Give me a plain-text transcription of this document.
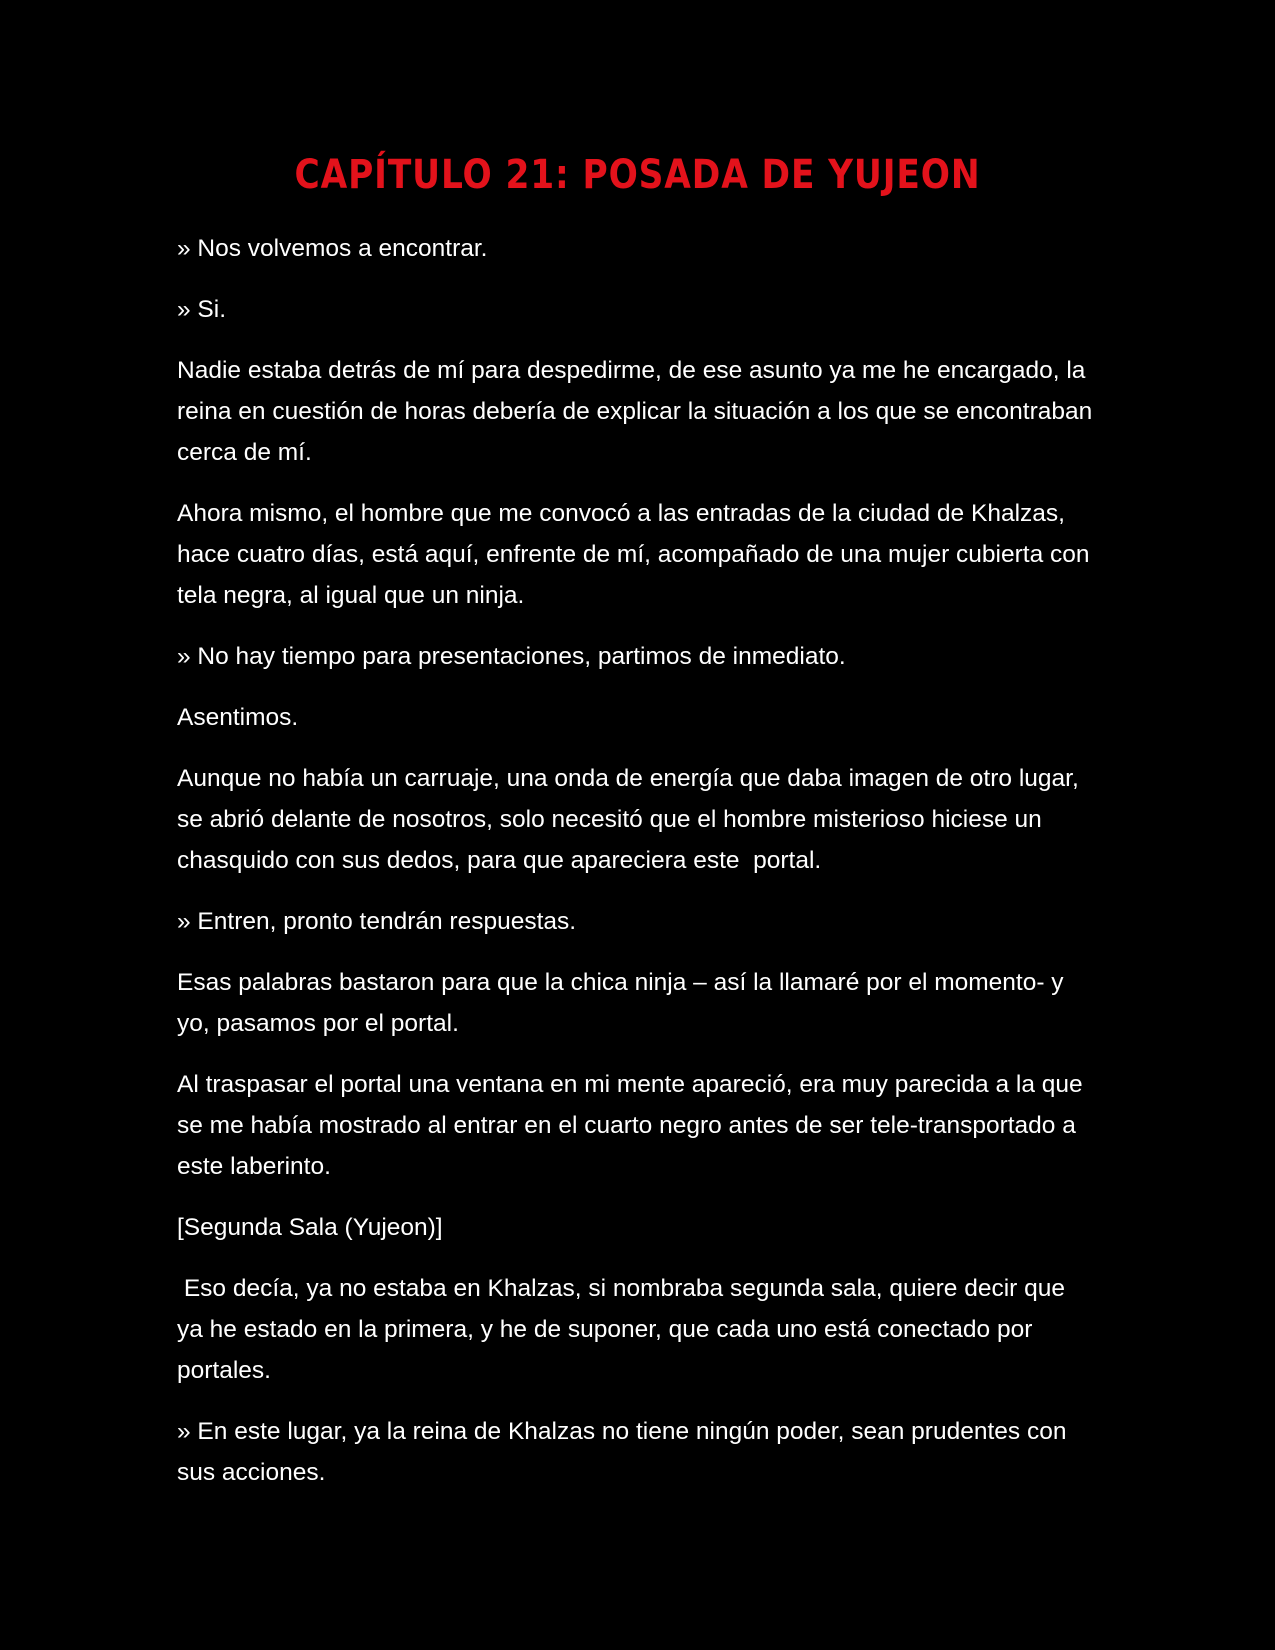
CAPÍTULO 21: POSADA DE YUJEON

» Nos volvemos a encontrar.

» Si.

Nadie estaba detrás de mí para despedirme, de ese asunto ya me he encargado, la reina en cuestión de horas debería de explicar la situación a los que se encontraban cerca de mí.

Ahora mismo, el hombre que me convocó a las entradas de la ciudad de Khalzas, hace cuatro días, está aquí, enfrente de mí, acompañado de una mujer cubierta con tela negra, al igual que un ninja.

» No hay tiempo para presentaciones, partimos de inmediato.

Asentimos.

Aunque no había un carruaje, una onda de energía que daba imagen de otro lugar, se abrió delante de nosotros, solo necesitó que el hombre misterioso hiciese un chasquido con sus dedos, para que apareciera este  portal.

» Entren, pronto tendrán respuestas.

Esas palabras bastaron para que la chica ninja – así la llamaré por el momento- y yo, pasamos por el portal.

Al traspasar el portal una ventana en mi mente apareció, era muy parecida a la que se me había mostrado al entrar en el cuarto negro antes de ser tele-transportado a este laberinto.

[Segunda Sala (Yujeon)]

Eso decía, ya no estaba en Khalzas, si nombraba segunda sala, quiere decir que ya he estado en la primera, y he de suponer, que cada uno está conectado por portales.

» En este lugar, ya la reina de Khalzas no tiene ningún poder, sean prudentes con sus acciones.
